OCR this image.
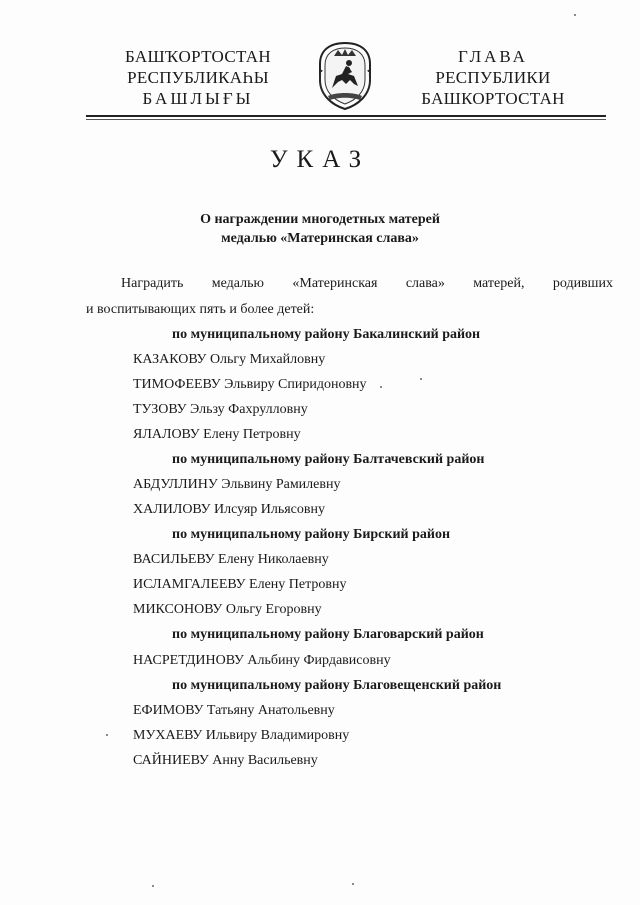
БАШҠОРТОСТАН
РЕСПУБЛИКАҺЫ
БАШЛЫҒЫ
ГЛАВА
РЕСПУБЛИКИ
БАШКОРТОСТАН
УКАЗ
О награждении многодетных матерей
медалью «Материнская слава»
Наградить медалью «Материнская слава» матерей, родивших
и воспитывающих пять и более детей:
по муниципальному району Бакалинский район
КАЗАКОВУ Ольгу Михайловну
ТИМОФЕЕВУ Эльвиру Спиридоновну
ТУЗОВУ Эльзу Фахрулловну
ЯЛАЛОВУ Елену Петровну
по муниципальному району Балтачевский район
АБДУЛЛИНУ Эльвину Рамилевну
ХАЛИЛОВУ Илсуяр Ильясовну
по муниципальному району Бирский район
ВАСИЛЬЕВУ Елену Николаевну
ИСЛАМГАЛЕЕВУ Елену Петровну
МИКСОНОВУ Ольгу Егоровну
по муниципальному району Благоварский район
НАСРЕТДИНОВУ Альбину Фирдависовну
по муниципальному району Благовещенский район
ЕФИМОВУ Татьяну Анатольевну
МУХАЕВУ Ильвиру Владимировну
САЙНИЕВУ Анну Васильевну
